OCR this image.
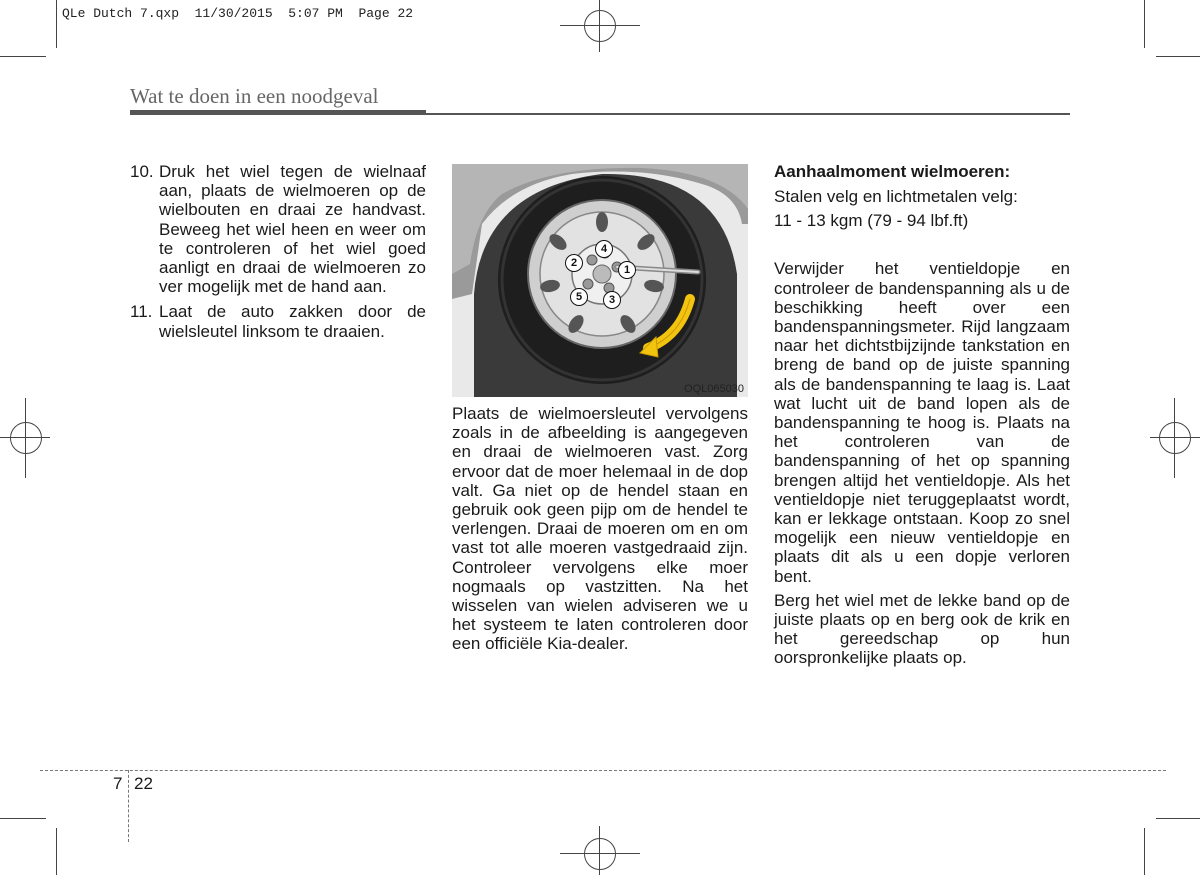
QLe Dutch 7.qxp  11/30/2015  5:07 PM  Page 22
Wat te doen in een noodgeval
10. Druk het wiel tegen de wielnaaf aan, plaats de wielmoeren op de wielbouten en draai ze handvast. Beweeg het wiel heen en weer om te controleren of het wiel goed aanligt en draai de wielmoeren zo ver mogelijk met de hand aan.
11. Laat de auto zakken door de wielsleutel linksom te draaien.
1
2
3
4
5
OQL065030
Plaats de wielmoersleutel vervolgens zoals in de afbeelding is aangegeven en draai de wielmoeren vast. Zorg ervoor dat de moer helemaal in de dop valt. Ga niet op de hendel staan en gebruik ook geen pijp om de hendel te verlengen. Draai de moeren om en om vast tot alle moeren vastgedraaid zijn. Controleer vervolgens elke moer nogmaals op vastzitten. Na het wisselen van wielen adviseren we u het systeem te laten controleren door een officiële Kia-dealer.
Aanhaalmoment wielmoeren:

Stalen velg en lichtmetalen velg:

11 - 13 kgm (79 - 94 lbf.ft)

Verwijder het ventieldopje en controleer de bandenspanning als u de beschikking heeft over een bandenspanningsmeter. Rijd langzaam naar het dichtstbijzijnde tankstation en breng de band op de juiste spanning als de bandenspanning te laag is. Laat wat lucht uit de band lopen als de bandenspanning te hoog is. Plaats na het controleren van de bandenspanning of het op spanning brengen altijd het ventieldopje. Als het ventieldopje niet teruggeplaatst wordt, kan er lekkage ontstaan. Koop zo snel mogelijk een nieuw ventieldopje en plaats dit als u een dopje verloren bent.

Berg het wiel met de lekke band op de juiste plaats op en berg ook de krik en het gereedschap op hun oorspronkelijke plaats op.

7 22
